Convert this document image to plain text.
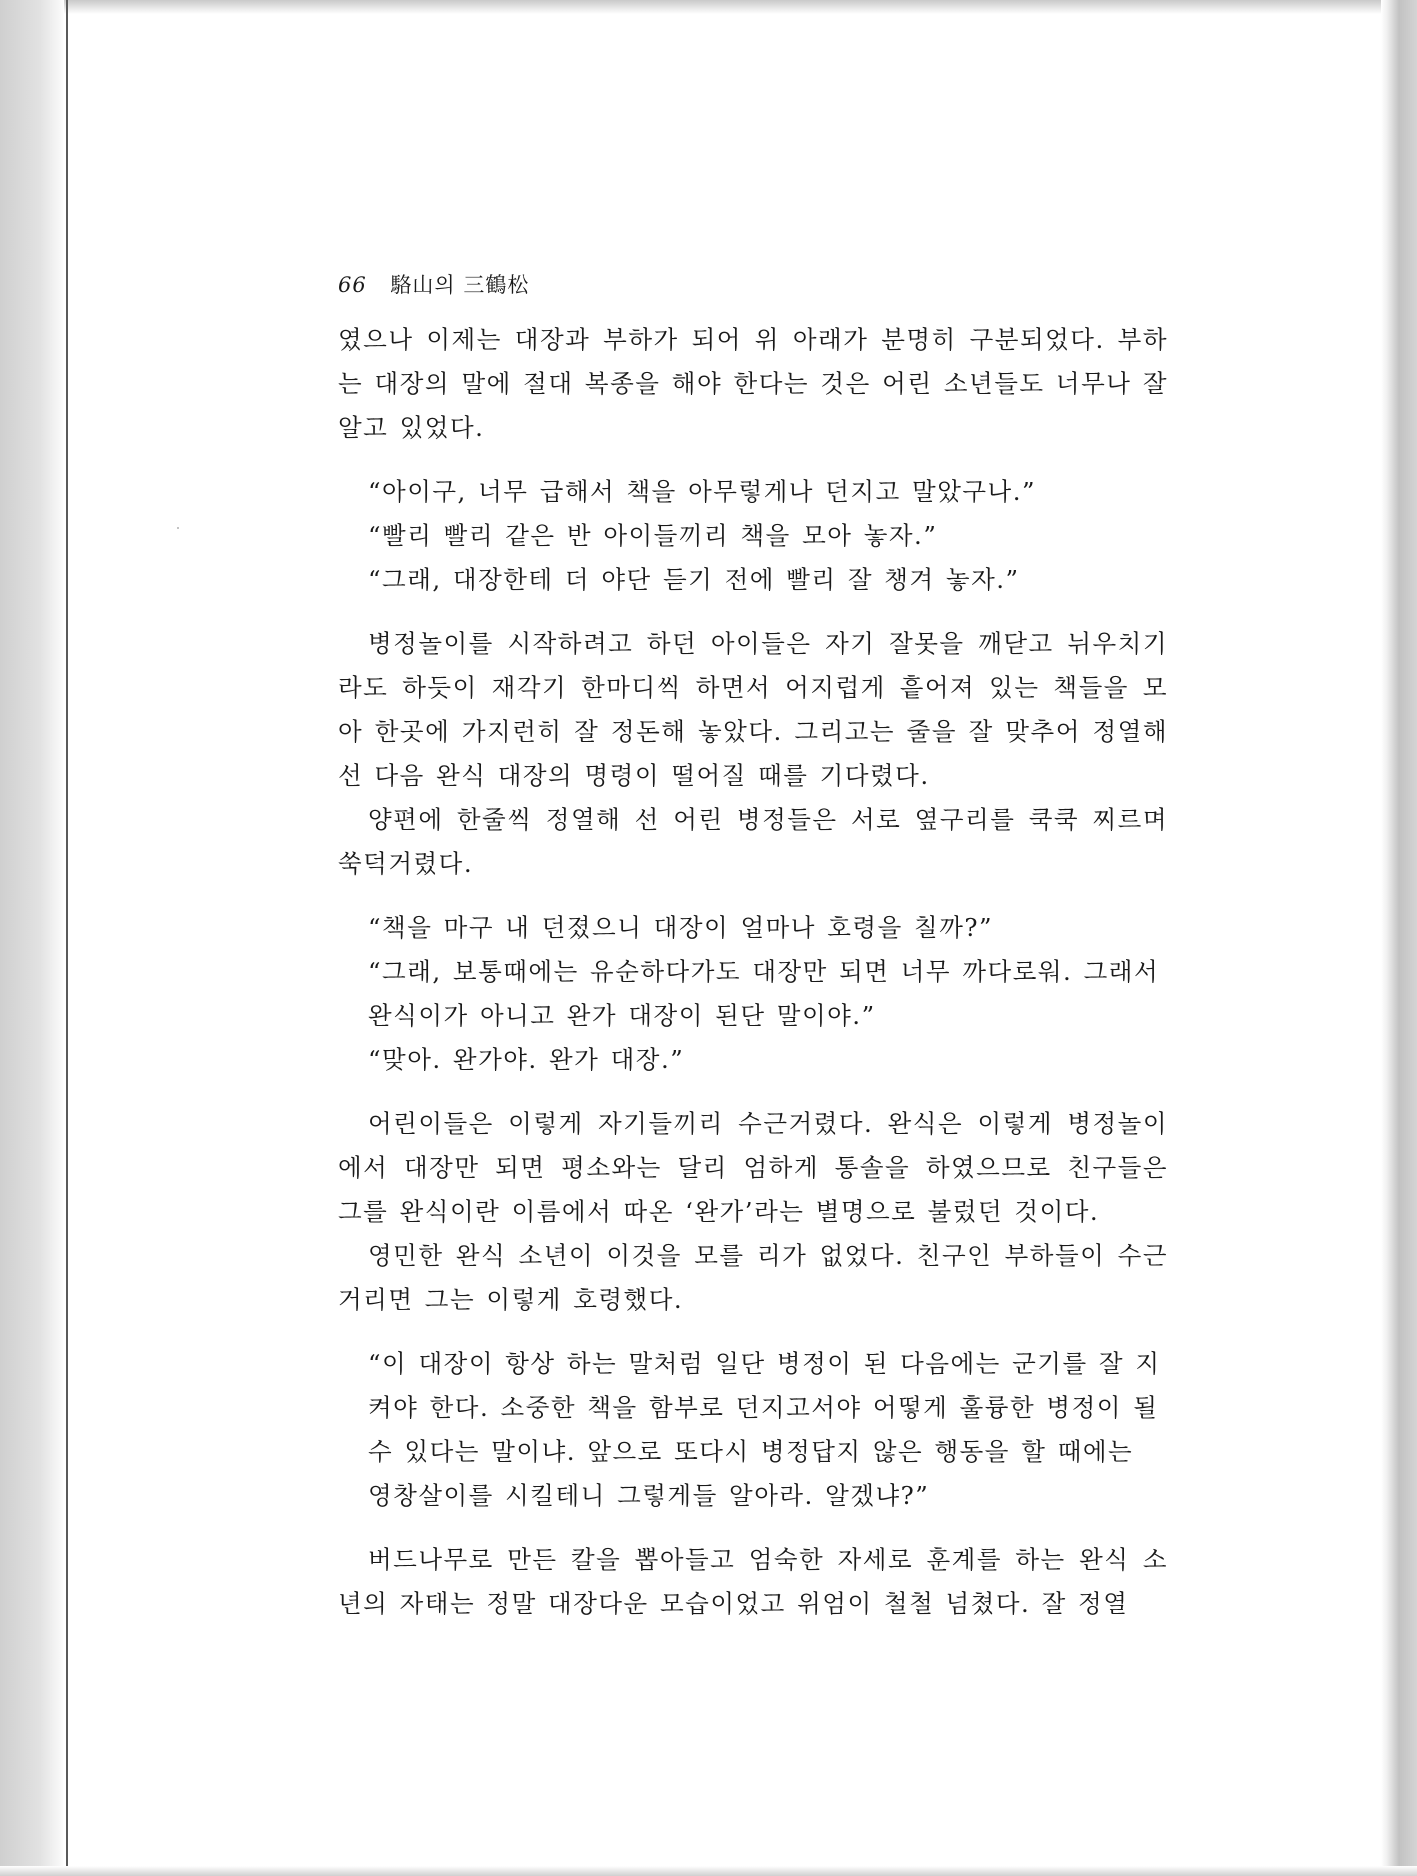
66 駱山의 三鶴松

였으나 이제는 대장과 부하가 되어 위 아래가 분명히 구분되었다. 부하는 대장의 말에 절대 복종을 해야 한다는 것은 어린 소년들도 너무나 잘 알고 있었다.

“아이구, 너무 급해서 책을 아무렇게나 던지고 말았구나.”

“빨리 빨리 같은 반 아이들끼리 책을 모아 놓자.”

“그래, 대장한테 더 야단 듣기 전에 빨리 잘 챙겨 놓자.”

병정놀이를 시작하려고 하던 아이들은 자기 잘못을 깨닫고 뉘우치기라도 하듯이 재각기 한마디씩 하면서 어지럽게 흩어져 있는 책들을 모아 한곳에 가지런히 잘 정돈해 놓았다. 그리고는 줄을 잘 맞추어 정열해 선 다음 완식 대장의 명령이 떨어질 때를 기다렸다.

양편에 한줄씩 정열해 선 어린 병정들은 서로 옆구리를 쿡쿡 찌르며 쑥덕거렸다.

“책을 마구 내 던졌으니 대장이 얼마나 호령을 칠까?”

“그래, 보통때에는 유순하다가도 대장만 되면 너무 까다로워. 그래서 완식이가 아니고 완가 대장이 된단 말이야.”

“맞아. 완가야. 완가 대장.”

어린이들은 이렇게 자기들끼리 수근거렸다. 완식은 이렇게 병정놀이에서 대장만 되면 평소와는 달리 엄하게 통솔을 하였으므로 친구들은 그를 완식이란 이름에서 따온 ‘완가’라는 별명으로 불렀던 것이다.

영민한 완식 소년이 이것을 모를 리가 없었다. 친구인 부하들이 수근거리면 그는 이렇게 호령했다.

“이 대장이 항상 하는 말처럼 일단 병정이 된 다음에는 군기를 잘 지켜야 한다. 소중한 책을 함부로 던지고서야 어떻게 훌륭한 병정이 될 수 있다는 말이냐. 앞으로 또다시 병정답지 않은 행동을 할 때에는 영창살이를 시킬테니 그렇게들 알아라. 알겠냐?”

버드나무로 만든 칼을 뽑아들고 엄숙한 자세로 훈계를 하는 완식 소년의 자태는 정말 대장다운 모습이었고 위엄이 철철 넘쳤다. 잘 정열
